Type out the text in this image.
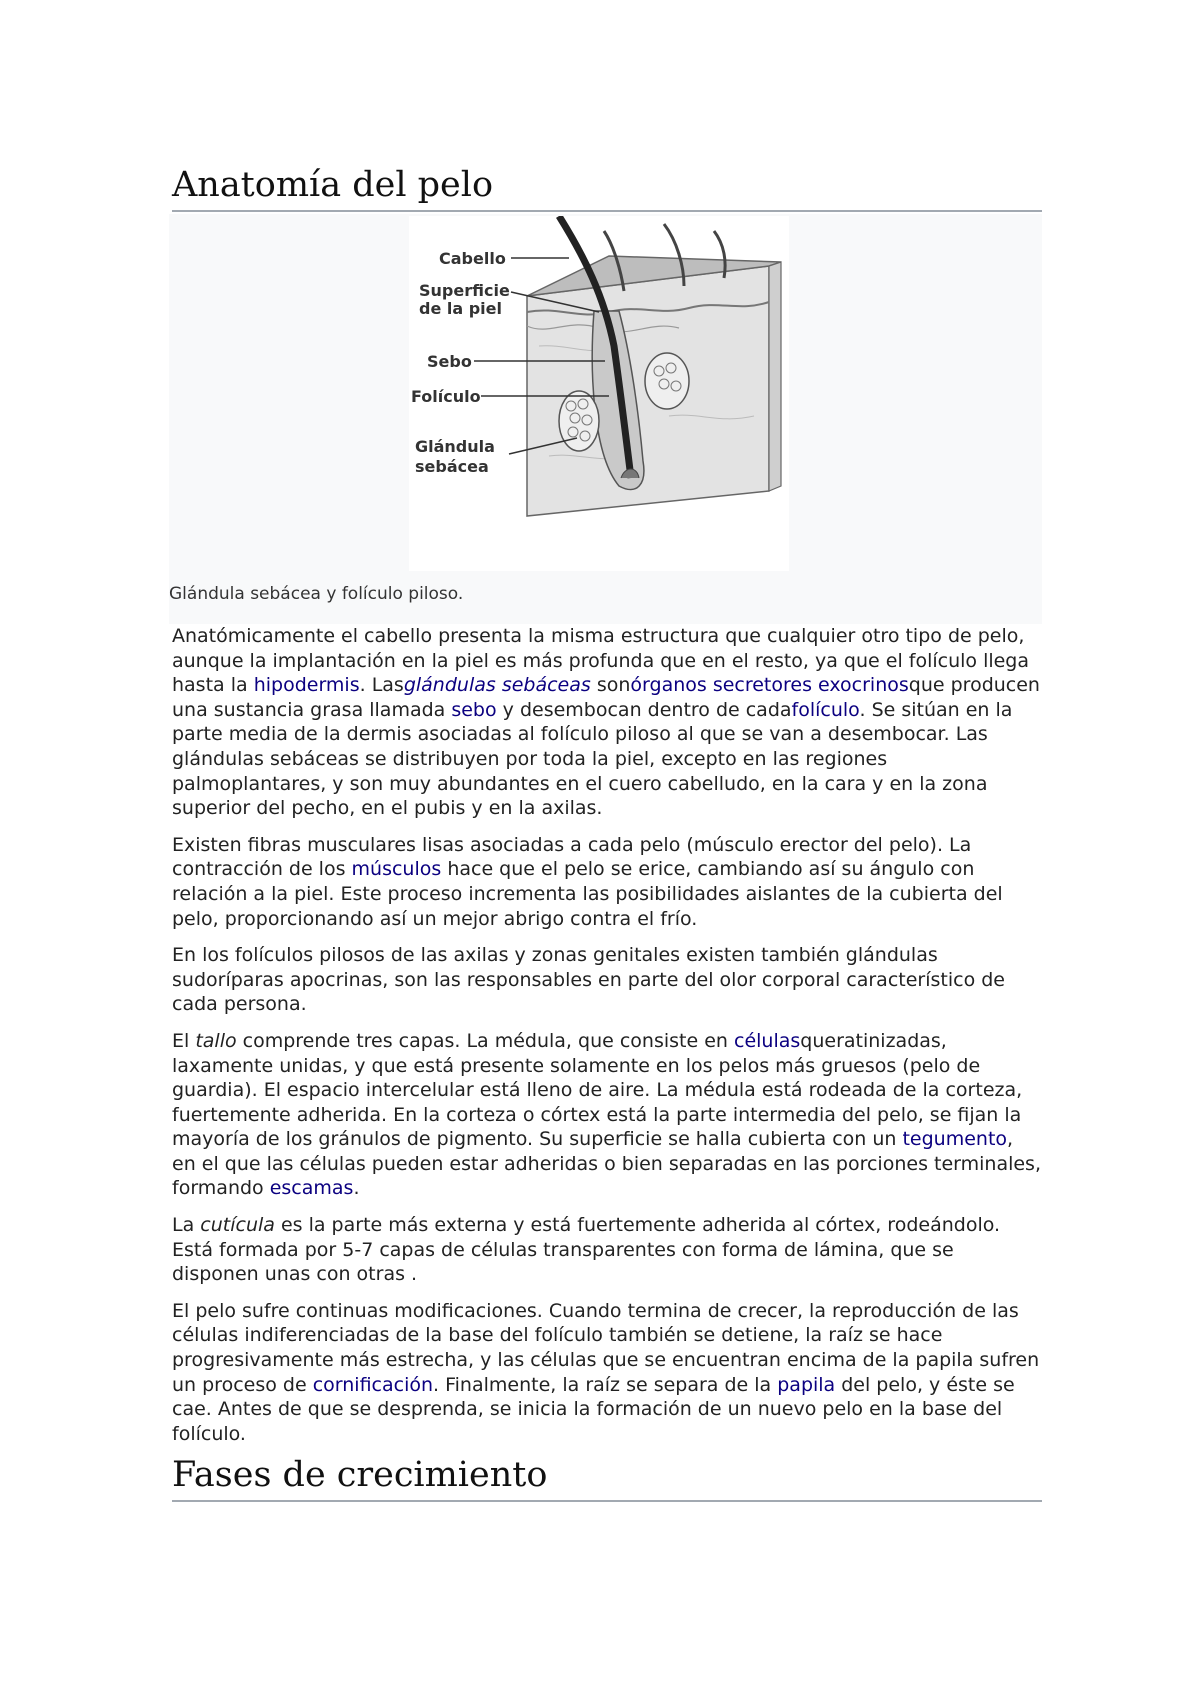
Anatomía del pelo
Cabello
Superficie
de la piel
Sebo
Folículo
Glándula
sebácea
Glándula sebácea y folículo piloso.

Anatómicamente el cabello presenta la misma estructura que cualquier otro tipo de pelo, aunque la implantación en la piel es más profunda que en el resto, ya que el folículo llega hasta la hipodermis. Lasglándulas sebáceas sonórganos secretores exocrinosque producen una sustancia grasa llamada sebo y desembocan dentro de cadafolículo. Se sitúan en la parte media de la dermis asociadas al folículo piloso al que se van a desembocar. Las glándulas sebáceas se distribuyen por toda la piel, excepto en las regiones palmoplantares, y son muy abundantes en el cuero cabelludo, en la cara y en la zona superior del pecho, en el pubis y en la axilas.

Existen fibras musculares lisas asociadas a cada pelo (músculo erector del pelo). La contracción de los músculos hace que el pelo se erice, cambiando así su ángulo con relación a la piel. Este proceso incrementa las posibilidades aislantes de la cubierta del pelo, proporcionando así un mejor abrigo contra el frío.

En los folículos pilosos de las axilas y zonas genitales existen también glándulas sudoríparas apocrinas, son las responsables en parte del olor corporal característico de cada persona.

El tallo comprende tres capas. La médula, que consiste en célulasqueratinizadas, laxamente unidas, y que está presente solamente en los pelos más gruesos (pelo de guardia). El espacio intercelular está lleno de aire. La médula está rodeada de la corteza, fuertemente adherida. En la corteza o córtex está la parte intermedia del pelo, se fijan la mayoría de los gránulos de pigmento. Su superficie se halla cubierta con un tegumento, en el que las células pueden estar adheridas o bien separadas en las porciones terminales, formando escamas.

La cutícula es la parte más externa y está fuertemente adherida al córtex, rodeándolo. Está formada por 5-7 capas de células transparentes con forma de lámina, que se disponen unas con otras .

El pelo sufre continuas modificaciones. Cuando termina de crecer, la reproducción de las células indiferenciadas de la base del folículo también se detiene, la raíz se hace progresivamente más estrecha, y las células que se encuentran encima de la papila sufren un proceso de cornificación. Finalmente, la raíz se separa de la papila del pelo, y éste se cae. Antes de que se desprenda, se inicia la formación de un nuevo pelo en la base del folículo.

Fases de crecimiento
